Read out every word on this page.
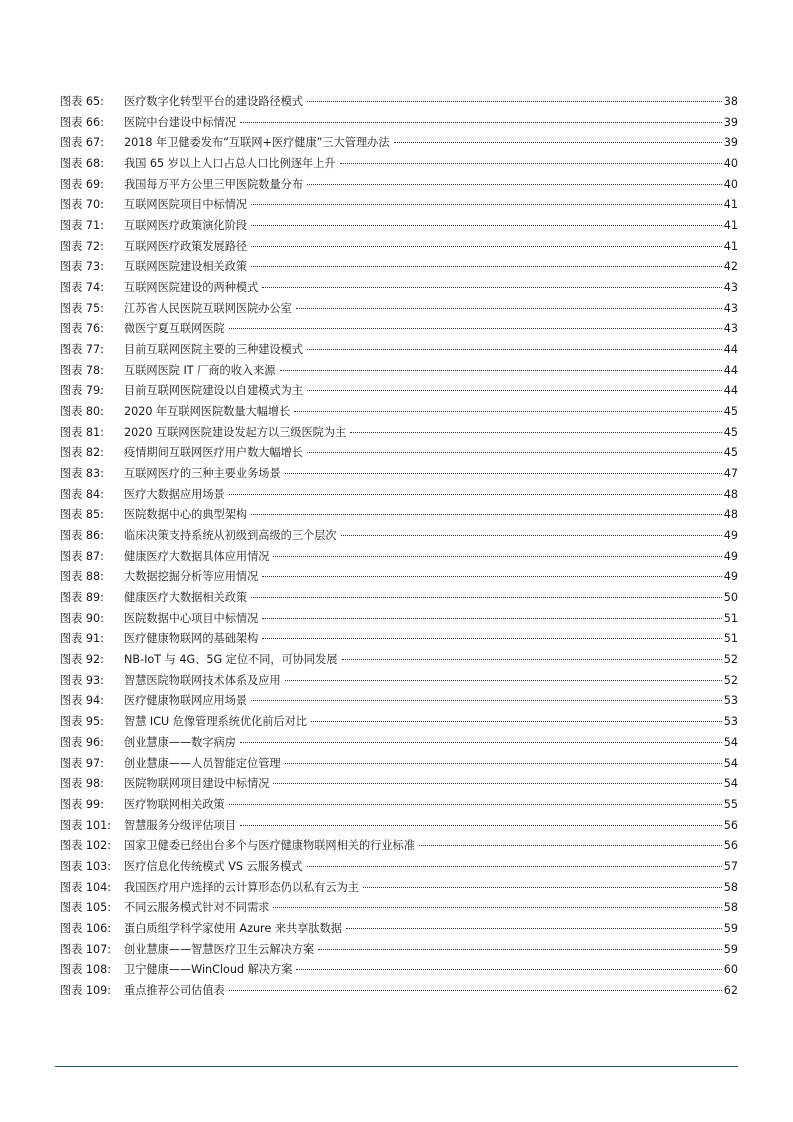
图表 65:	医疗数字化转型平台的建设路径模式	38
图表 66:	医院中台建设中标情况	39
图表 67:	2018 年卫健委发布“互联网+医疗健康”三大管理办法	39
图表 68:	我国 65 岁以上人口占总人口比例逐年上升	40
图表 69:	我国每万平方公里三甲医院数量分布	40
图表 70:	互联网医院项目中标情况	41
图表 71:	互联网医疗政策演化阶段	41
图表 72:	互联网医疗政策发展路径	41
图表 73:	互联网医院建设相关政策	42
图表 74:	互联网医院建设的两种模式	43
图表 75:	江苏省人民医院互联网医院办公室	43
图表 76:	微医宁夏互联网医院	43
图表 77:	目前互联网医院主要的三种建设模式	44
图表 78:	互联网医院 IT 厂商的收入来源	44
图表 79:	目前互联网医院建设以自建模式为主	44
图表 80:	2020 年互联网医院数量大幅增长	45
图表 81:	2020 互联网医院建设发起方以三级医院为主	45
图表 82:	疫情期间互联网医疗用户数大幅增长	45
图表 83:	互联网医疗的三种主要业务场景	47
图表 84:	医疗大数据应用场景	48
图表 85:	医院数据中心的典型架构	48
图表 86:	临床决策支持系统从初级到高级的三个层次	49
图表 87:	健康医疗大数据具体应用情况	49
图表 88:	大数据挖掘分析等应用情况	49
图表 89:	健康医疗大数据相关政策	50
图表 90:	医院数据中心项目中标情况	51
图表 91:	医疗健康物联网的基础架构	51
图表 92:	NB-IoT 与 4G、5G 定位不同，可协同发展	52
图表 93:	智慧医院物联网技术体系及应用	52
图表 94:	医疗健康物联网应用场景	53
图表 95:	智慧 ICU 危像管理系统优化前后对比	53
图表 96:	创业慧康——数字病房	54
图表 97:	创业慧康——人员智能定位管理	54
图表 98:	医院物联网项目建设中标情况	54
图表 99:	医疗物联网相关政策	55
图表 101:	智慧服务分级评估项目	56
图表 102:	国家卫健委已经出台多个与医疗健康物联网相关的行业标准	56
图表 103:	医疗信息化传统模式 VS 云服务模式	57
图表 104:	我国医疗用户选择的云计算形态仍以私有云为主	58
图表 105:	不同云服务模式针对不同需求	58
图表 106:	蛋白质组学科学家使用 Azure 来共享肽数据	59
图表 107:	创业慧康——智慧医疗卫生云解决方案	59
图表 108:	卫宁健康——WinCloud 解决方案	60
图表 109:	重点推荐公司估值表	62
